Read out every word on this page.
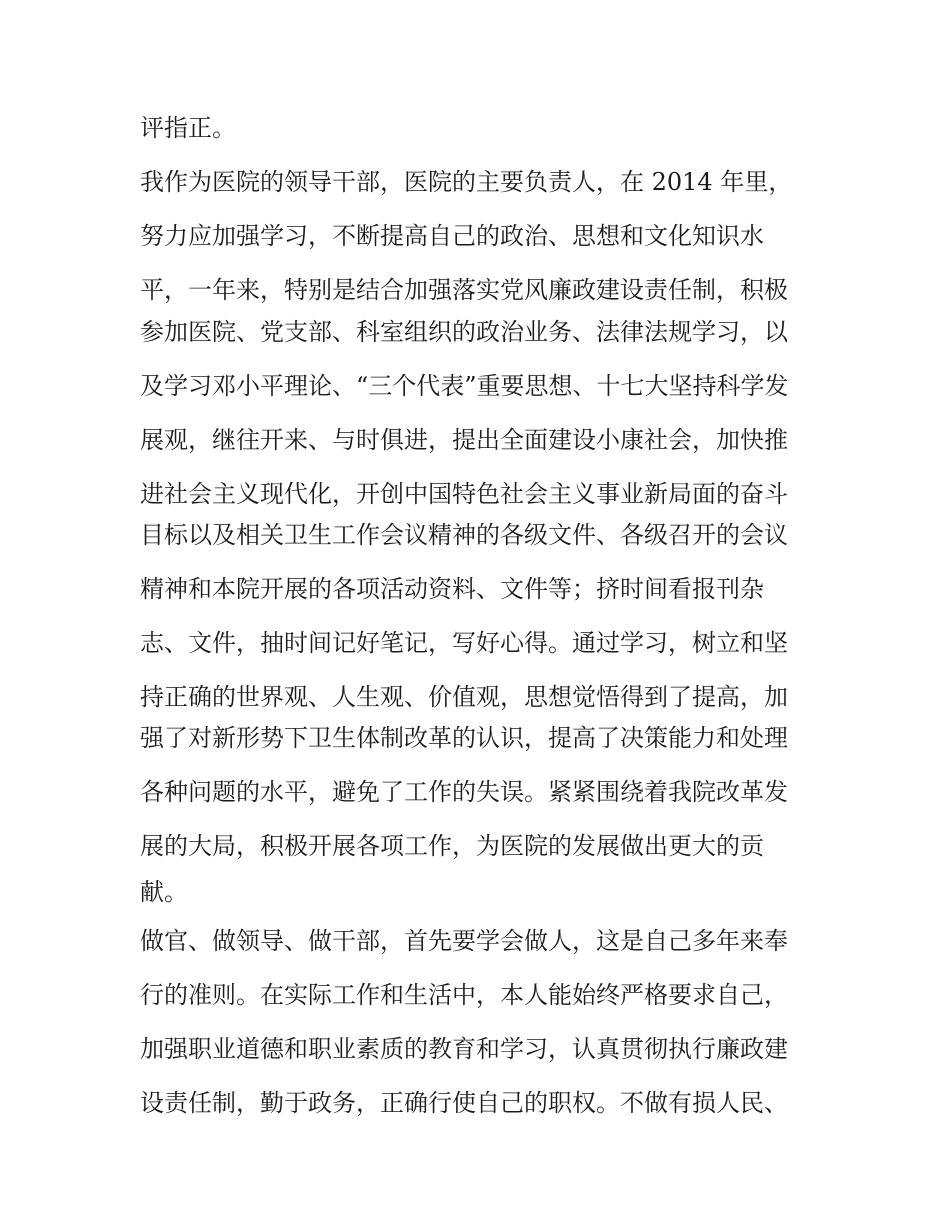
评指正。

我作为医院的领导干部，医院的主要负责人，在 2014 年里，

努力应加强学习，不断提高自己的政治、思想和文化知识水

平，一年来，特别是结合加强落实党风廉政建设责任制，积极

参加医院、党支部、科室组织的政治业务、法律法规学习，以

及学习邓小平理论、“三个代表”重要思想、十七大坚持科学发

展观，继往开来、与时俱进，提出全面建设小康社会，加快推

进社会主义现代化，开创中国特色社会主义事业新局面的奋斗

目标以及相关卫生工作会议精神的各级文件、各级召开的会议

精神和本院开展的各项活动资料、文件等；挤时间看报刊杂

志、文件，抽时间记好笔记，写好心得。通过学习，树立和坚

持正确的世界观、人生观、价值观，思想觉悟得到了提高，加

强了对新形势下卫生体制改革的认识，提高了决策能力和处理

各种问题的水平，避免了工作的失误。紧紧围绕着我院改革发

展的大局，积极开展各项工作，为医院的发展做出更大的贡

献。

做官、做领导、做干部，首先要学会做人，这是自己多年来奉

行的准则。在实际工作和生活中，本人能始终严格要求自己，

加强职业道德和职业素质的教育和学习，认真贯彻执行廉政建

设责任制，勤于政务，正确行使自己的职权。不做有损人民、
